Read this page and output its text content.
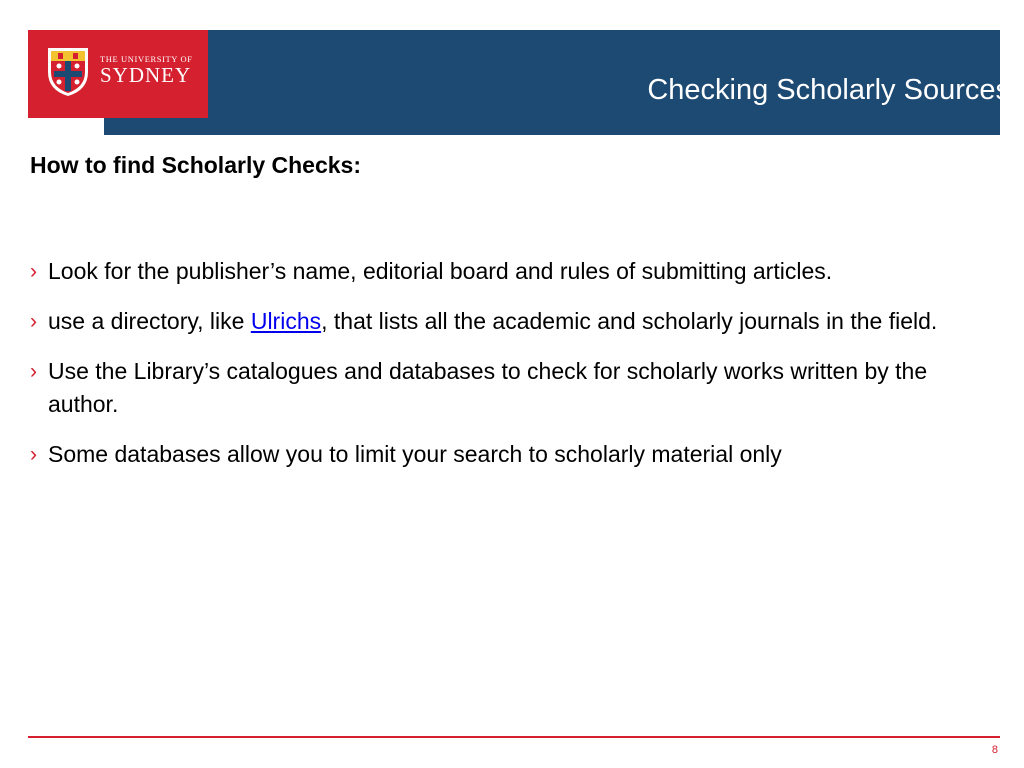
Checking Scholarly Sources
THE UNIVERSITY OF
SYDNEY
How to find Scholarly Checks:
› Look for the publisher’s name, editorial board and rules of submitting articles.
› use a directory, like Ulrichs, that lists all the academic and scholarly journals in the field.
› Use the Library’s catalogues and databases to check for scholarly works written by the author.
› Some databases allow you to limit your search to scholarly material only
8
